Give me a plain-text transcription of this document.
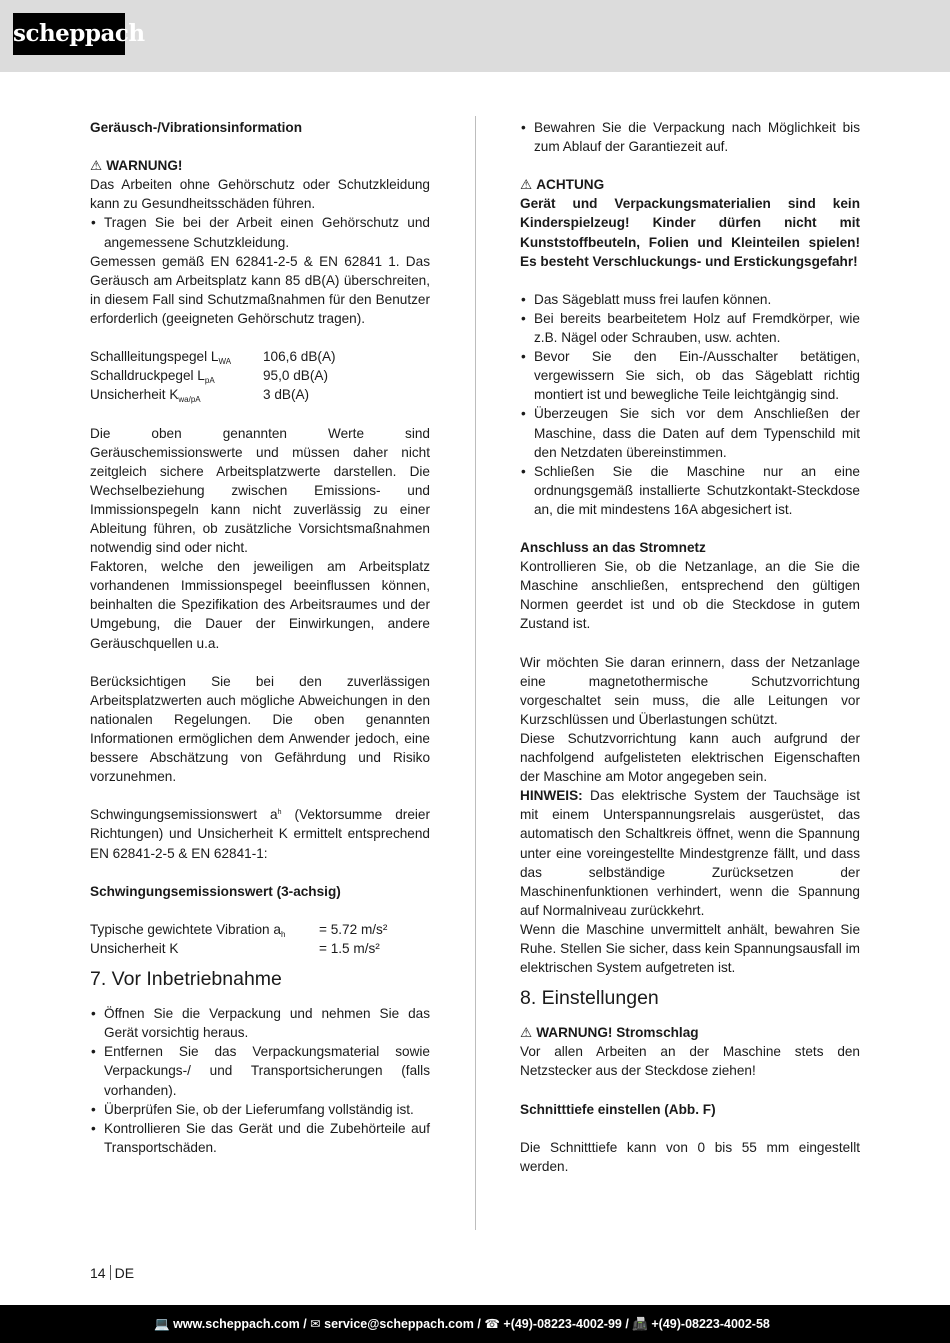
scheppach

Geräusch-/Vibrationsinformation

⚠ WARNUNG!

Das Arbeiten ohne Gehörschutz oder Schutzkleidung kann zu Gesundheitsschäden führen.

• Tragen Sie bei der Arbeit einen Gehörschutz und angemessene Schutzkleidung.

Gemessen gemäß EN 62841-2-5 & EN 62841 1. Das Geräusch am Arbeitsplatz kann 85 dB(A) überschreiten, in diesem Fall sind Schutzmaßnahmen für den Benutzer erforderlich (geeigneten Gehörschutz tragen).

Schallleitungspegel $L_{WA}$	106,6 dB(A)
Schalldruckpegel $L_{pA}$	95,0 dB(A)
Unsicherheit $K_{wa/pA}$	3 dB(A)

Die oben genannten Werte sind Geräuschemissionswerte und müssen daher nicht zeitgleich sichere Arbeitsplatzwerte darstellen. Die Wechselbeziehung zwischen Emissions- und Immissionspegeln kann nicht zuverlässig zu einer Ableitung führen, ob zusätzliche Vorsichtsmaßnahmen notwendig sind oder nicht.

Faktoren, welche den jeweiligen am Arbeitsplatz vorhandenen Immissionspegel beeinflussen können, beinhalten die Spezifikation des Arbeitsraumes und der Umgebung, die Dauer der Einwirkungen, andere Geräuschquellen u.a.

Berücksichtigen Sie bei den zuverlässigen Arbeitsplatzwerten auch mögliche Abweichungen in den nationalen Regelungen. Die oben genannten Informationen ermöglichen dem Anwender jedoch, eine bessere Abschätzung von Gefährdung und Risiko vorzunehmen.

Schwingungsemissionswert $a^h$ (Vektorsumme dreier Richtungen) und Unsicherheit K ermittelt entsprechend EN 62841-2-5 & EN 62841-1:

Schwingungsemissionswert (3-achsig)

Typische gewichtete Vibration $a_h$	= 5.72 m/s²
Unsicherheit K	= 1.5 m/s²
7. Vor Inbetriebnahme
• Öffnen Sie die Verpackung und nehmen Sie das Gerät vorsichtig heraus.
• Entfernen Sie das Verpackungsmaterial sowie Verpackungs-/ und Transportsicherungen (falls vorhanden).
• Überprüfen Sie, ob der Lieferumfang vollständig ist.
• Kontrollieren Sie das Gerät und die Zubehörteile auf Transportschäden.
• Bewahren Sie die Verpackung nach Möglichkeit bis zum Ablauf der Garantiezeit auf.

⚠ ACHTUNG

Gerät und Verpackungsmaterialien sind kein Kinderspielzeug! Kinder dürfen nicht mit Kunststoffbeuteln, Folien und Kleinteilen spielen! Es besteht Verschluckungs- und Erstickungsgefahr!

• Das Sägeblatt muss frei laufen können.
• Bei bereits bearbeitetem Holz auf Fremdkörper, wie z.B. Nägel oder Schrauben, usw. achten.
• Bevor Sie den Ein-/Ausschalter betätigen, vergewissern Sie sich, ob das Sägeblatt richtig montiert ist und bewegliche Teile leichtgängig sind.
• Überzeugen Sie sich vor dem Anschließen der Maschine, dass die Daten auf dem Typenschild mit den Netzdaten übereinstimmen.
• Schließen Sie die Maschine nur an eine ordnungsgemäß installierte Schutzkontakt-Steckdose an, die mit mindestens 16A abgesichert ist.

Anschluss an das Stromnetz

Kontrollieren Sie, ob die Netzanlage, an die Sie die Maschine anschließen, entsprechend den gültigen Normen geerdet ist und ob die Steckdose in gutem Zustand ist.

Wir möchten Sie daran erinnern, dass der Netzanlage eine magnetothermische Schutzvorrichtung vorgeschaltet sein muss, die alle Leitungen vor Kurzschlüssen und Überlastungen schützt.

Diese Schutzvorrichtung kann auch aufgrund der nachfolgend aufgelisteten elektrischen Eigenschaften der Maschine am Motor angegeben sein.

HINWEIS: Das elektrische System der Tauchsäge ist mit einem Unterspannungsrelais ausgerüstet, das automatisch den Schaltkreis öffnet, wenn die Spannung unter eine voreingestellte Mindestgrenze fällt, und dass das selbständige Zurücksetzen der Maschinenfunktionen verhindert, wenn die Spannung auf Normalniveau zurückkehrt.

Wenn die Maschine unvermittelt anhält, bewahren Sie Ruhe. Stellen Sie sicher, dass kein Spannungsausfall im elektrischen System aufgetreten ist.

8. Einstellungen

⚠ WARNUNG! Stromschlag

Vor allen Arbeiten an der Maschine stets den Netzstecker aus der Steckdose ziehen!

Schnitttiefe einstellen (Abb. F)

Die Schnitttiefe kann von 0 bis 55 mm eingestellt werden.

14 DE
💻 www.scheppach.com / ✉ service@scheppach.com / ☎ +(49)-08223-4002-99 / 📠 +(49)-08223-4002-58
